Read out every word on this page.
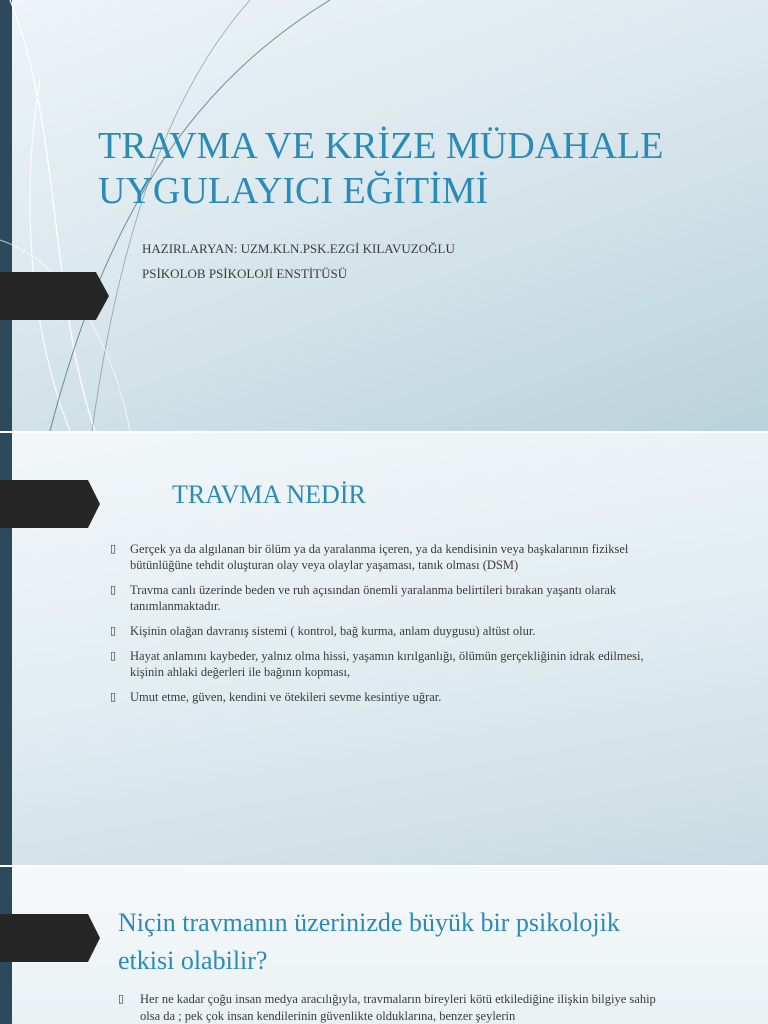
TRAVMA VE KRİZE MÜDAHALE UYGULAYICI EĞİTİMİ

HAZIRLARYAN: UZM.KLN.PSK.EZGİ KILAVUZOĞLU

PSİKOLOB PSİKOLOJİ ENSTİTÜSÜ

TRAVMA NEDİR
▯ Gerçek ya da algılanan bir ölüm ya da yaralanma içeren, ya da kendisinin veya başkalarının fiziksel bütünlüğüne tehdit oluşturan olay veya olaylar yaşaması, tanık olması (DSM)
▯ Travma canlı üzerinde beden ve ruh açısından önemli yaralanma belirtileri bırakan yaşantı olarak tanımlanmaktadır.
▯ Kişinin olağan davranış sistemi ( kontrol, bağ kurma, anlam duygusu) altüst olur.
▯ Hayat anlamını kaybeder, yalnız olma hissi, yaşamın kırılganlığı, ölümün gerçekliğinin idrak edilmesi, kişinin ahlaki değerleri ile bağının kopması,
▯ Umut etme, güven, kendini ve ötekileri sevme kesintiye uğrar.
Niçin travmanın üzerinizde büyük bir psikolojik etkisi olabilir?
▯ Her ne kadar çoğu insan medya aracılığıyla, travmaların bireyleri kötü etkilediğine ilişkin bilgiye sahip olsa da ; pek çok insan kendilerinin güvenlikte olduklarına, benzer şeylerin
